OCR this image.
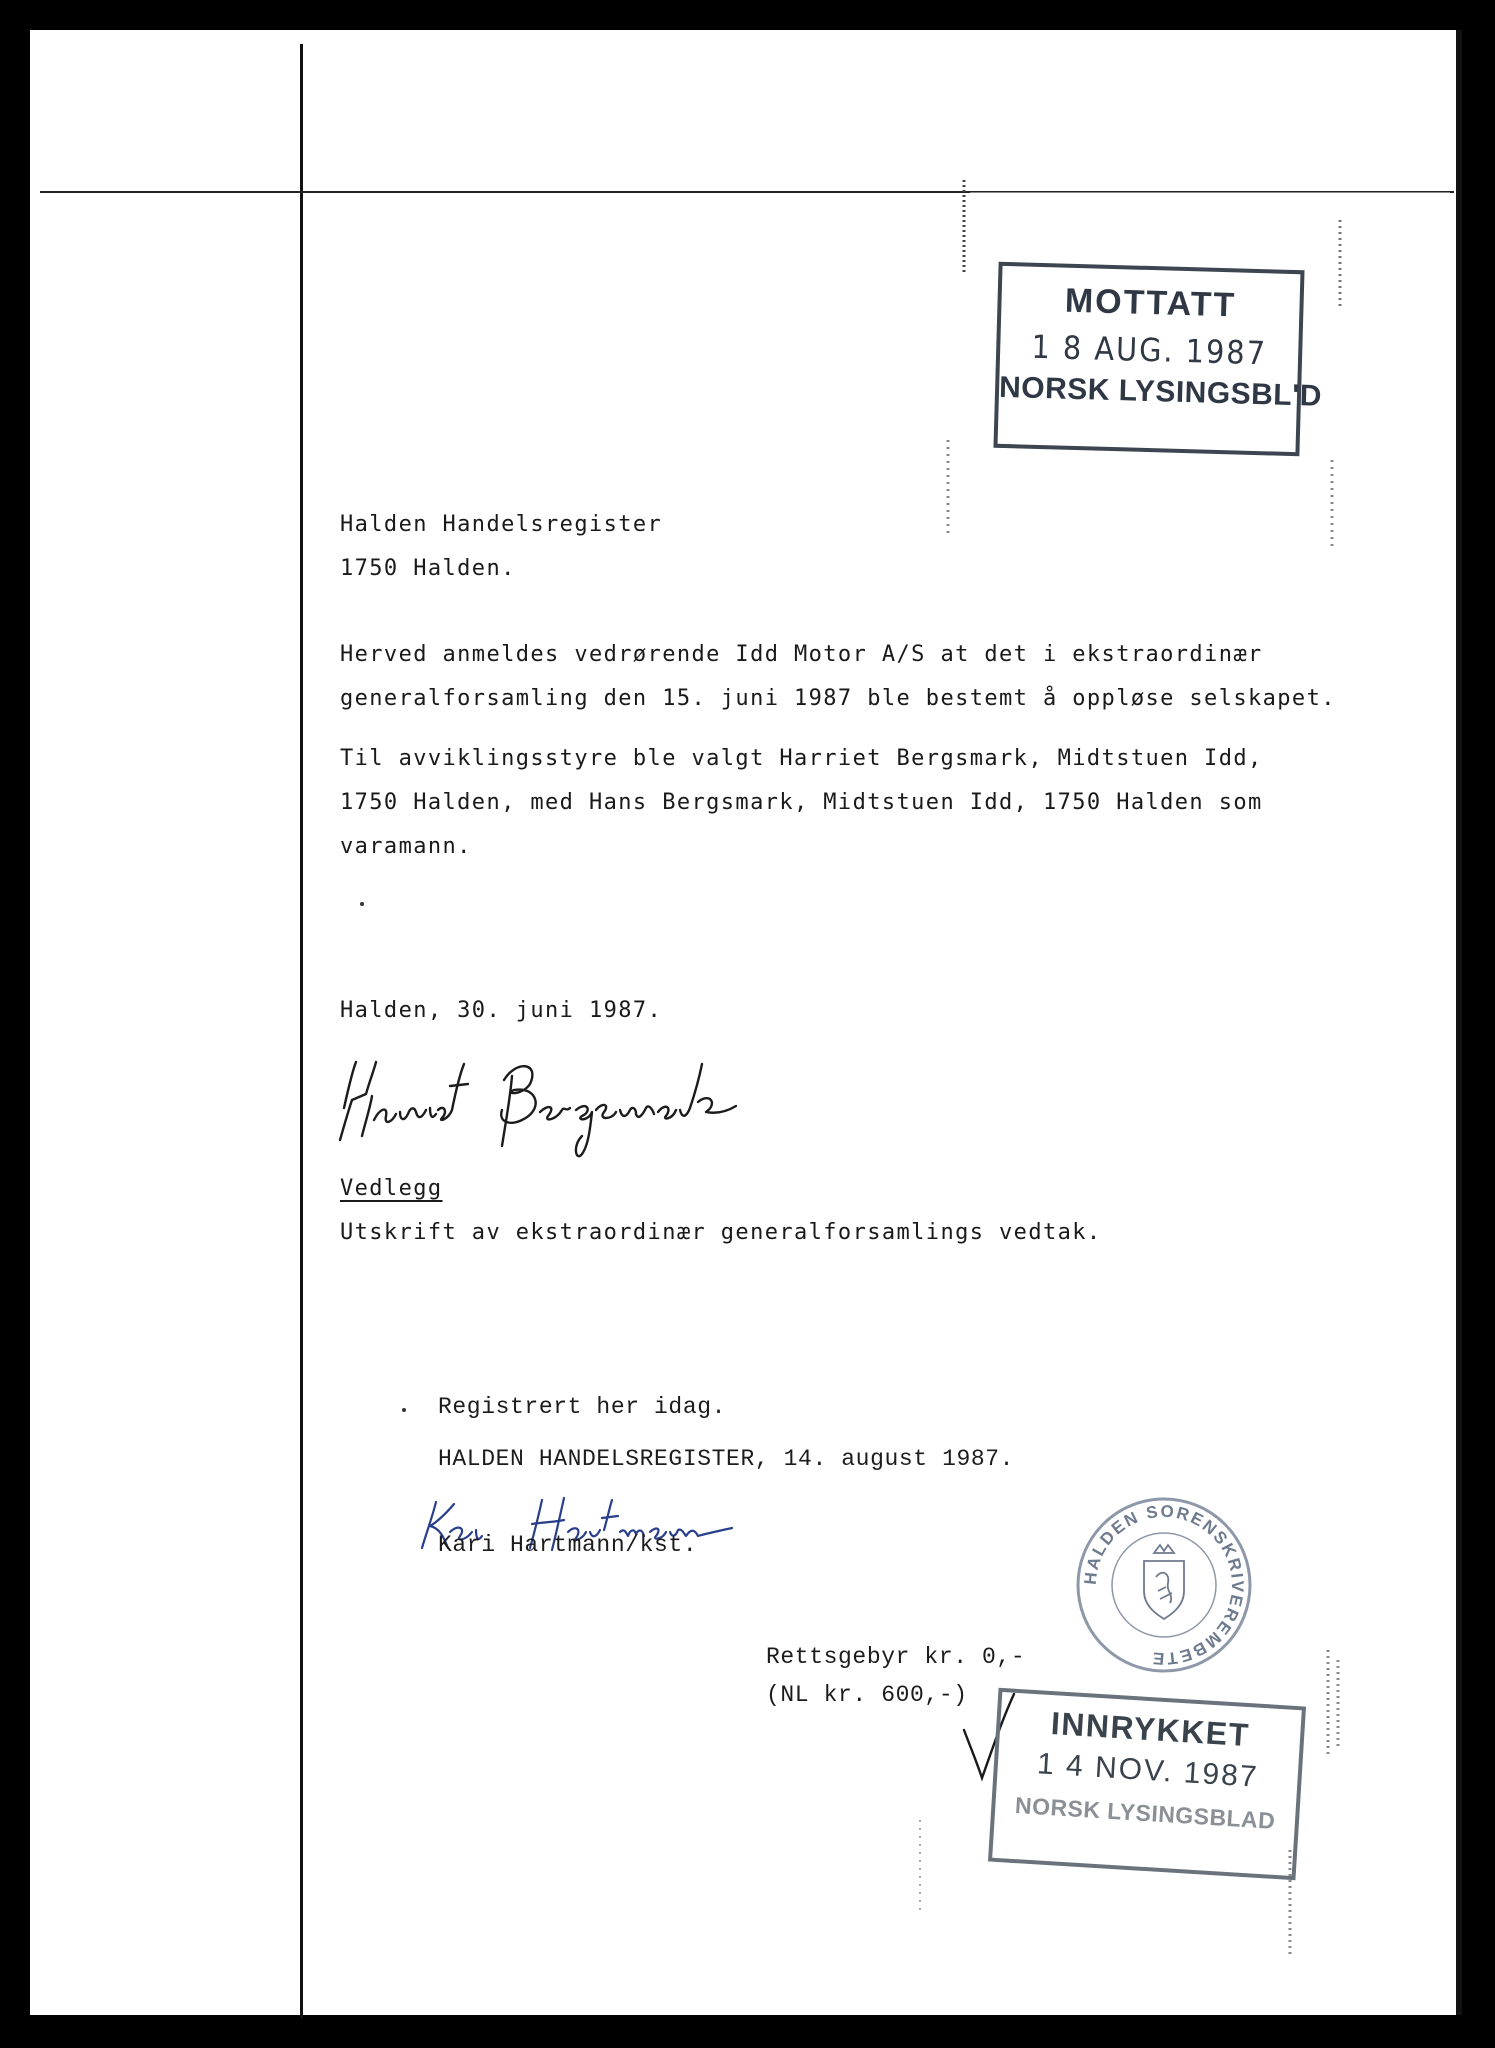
MOTTATT
1 8 AUG. 1987
NORSK LYSINGSBL'D
Halden Handelsregister
1750 Halden.
Herved anmeldes vedrørende Idd Motor A/S at det i ekstraordinær
generalforsamling den 15. juni 1987 ble bestemt å oppløse selskapet.
Til avviklingsstyre ble valgt Harriet Bergsmark, Midtstuen Idd,
1750 Halden, med Hans Bergsmark, Midtstuen Idd, 1750 Halden som
varamann.
Halden, 30. juni 1987.
Vedlegg
Utskrift av ekstraordinær generalforsamlings vedtak.
Registrert her idag.
HALDEN HANDELSREGISTER, 14. august 1987.
Kari Hartmann/kst.
Rettsgebyr kr. 0,-
(NL kr. 600,-)
HALDEN SORENSKRIVEREMBETE
INNRYKKET
1 4 NOV. 1987
NORSK LYSINGSBLAD
